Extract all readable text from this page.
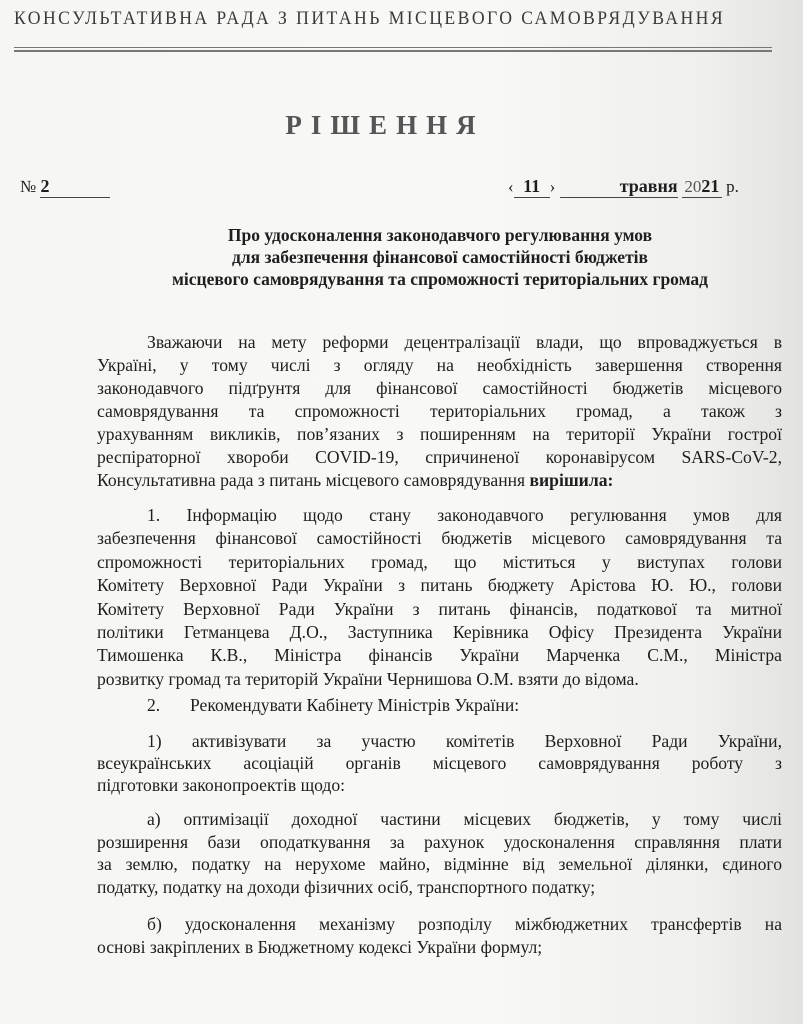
КОНСУЛЬТАТИВНА РАДА З ПИТАНЬ МІСЦЕВОГО САМОВРЯДУВАННЯ
РІШЕННЯ
№ 2	‹ 11 ›	травня 2021 р.
Про удосконалення законодавчого регулювання умов
для забезпечення фінансової самостійності бюджетів
місцевого самоврядування та спроможності територіальних громад
Зважаючи на мету реформи децентралізації влади, що впроваджується в
Україні, у тому числі з огляду на необхідність завершення створення
законодавчого підґрунтя для фінансової самостійності бюджетів місцевого
самоврядування та спроможності територіальних громад, а також з
урахуванням викликів, пов’язаних з поширенням на території України гострої
респіраторної хвороби COVID-19, спричиненої коронавірусом SARS-CoV-2,
Консультативна рада з питань місцевого самоврядування вирішила:
1. Інформацію щодо стану законодавчого регулювання умов для
забезпечення фінансової самостійності бюджетів місцевого самоврядування та
спроможності територіальних громад, що міститься у виступах голови
Комітету Верховної Ради України з питань бюджету Арістова Ю. Ю., голови
Комітету Верховної Ради України з питань фінансів, податкової та митної
політики Гетманцева Д.О., Заступника Керівника Офісу Президента України
Тимошенка К.В., Міністра фінансів України Марченка С.М., Міністра
розвитку громад та територій України Чернишова О.М. взяти до відома.
2. Рекомендувати Кабінету Міністрів України:
1) активізувати за участю комітетів Верховної Ради України,
всеукраїнських асоціацій органів місцевого самоврядування роботу з
підготовки законопроектів щодо:
а) оптимізації доходної частини місцевих бюджетів, у тому числі
розширення бази оподаткування за рахунок удосконалення справляння плати
за землю, податку на нерухоме майно, відмінне від земельної ділянки, єдиного
податку, податку на доходи фізичних осіб, транспортного податку;
б) удосконалення механізму розподілу міжбюджетних трансфертів на
основі закріплених в Бюджетному кодексі України формул;
